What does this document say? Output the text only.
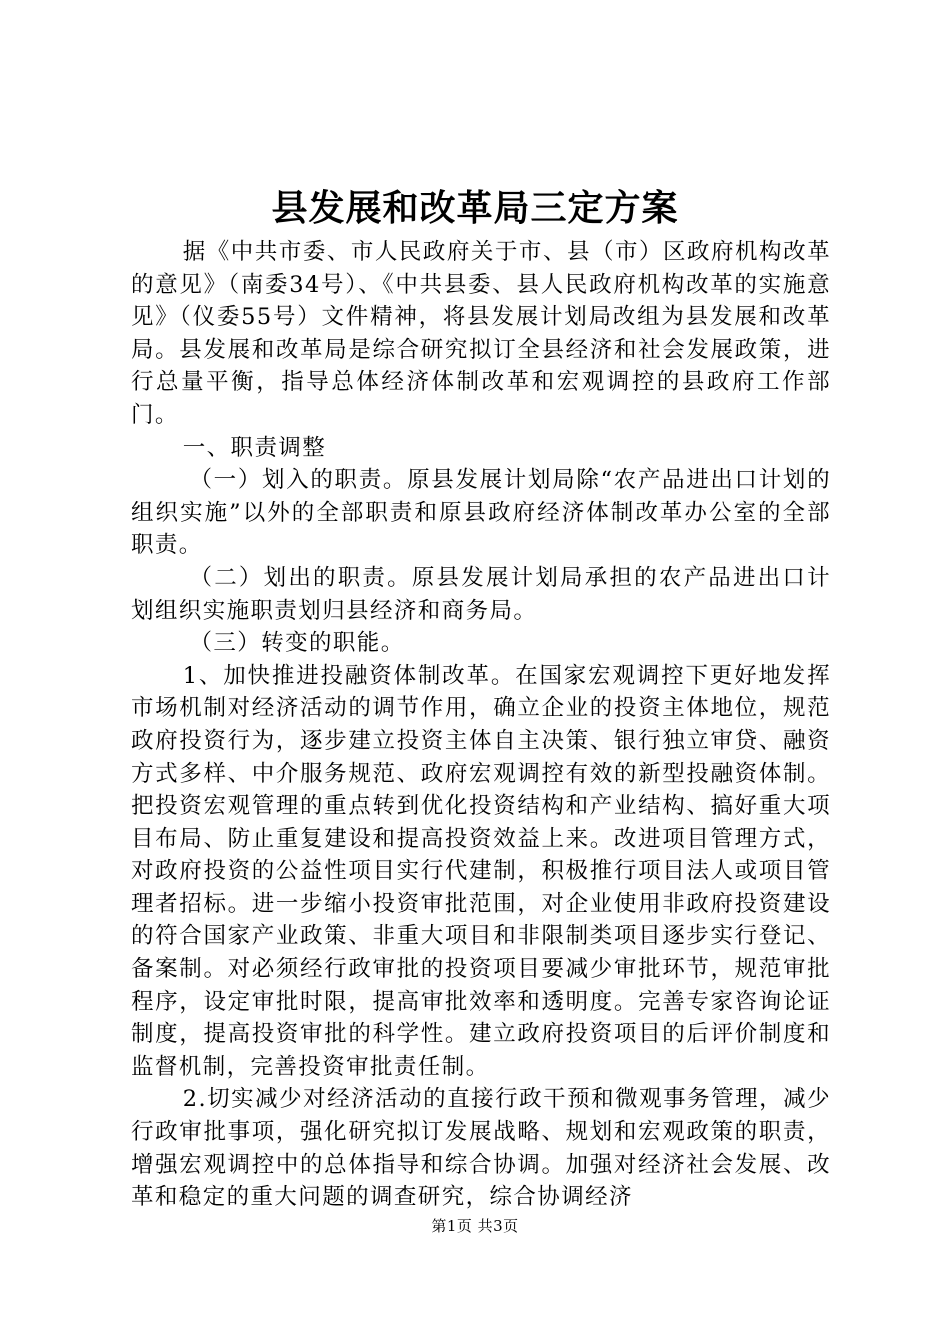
县发展和改革局三定方案

据《中共市委、市人民政府关于市、县（市）区政府机构改革的意见》（南委34号）、《中共县委、县人民政府机构改革的实施意见》（仪委55号）文件精神，将县发展计划局改组为县发展和改革局。县发展和改革局是综合研究拟订全县经济和社会发展政策，进行总量平衡，指导总体经济体制改革和宏观调控的县政府工作部门。

一、职责调整

（一）划入的职责。原县发展计划局除“农产品进出口计划的组织实施”以外的全部职责和原县政府经济体制改革办公室的全部职责。

（二）划出的职责。原县发展计划局承担的农产品进出口计划组织实施职责划归县经济和商务局。

（三）转变的职能。

1、加快推进投融资体制改革。在国家宏观调控下更好地发挥市场机制对经济活动的调节作用，确立企业的投资主体地位，规范政府投资行为，逐步建立投资主体自主决策、银行独立审贷、融资方式多样、中介服务规范、政府宏观调控有效的新型投融资体制。把投资宏观管理的重点转到优化投资结构和产业结构、搞好重大项目布局、防止重复建设和提高投资效益上来。改进项目管理方式，对政府投资的公益性项目实行代建制，积极推行项目法人或项目管理者招标。进一步缩小投资审批范围，对企业使用非政府投资建设的符合国家产业政策、非重大项目和非限制类项目逐步实行登记、备案制。对必须经行政审批的投资项目要减少审批环节，规范审批程序，设定审批时限，提高审批效率和透明度。完善专家咨询论证制度，提高投资审批的科学性。建立政府投资项目的后评价制度和监督机制，完善投资审批责任制。

2.切实减少对经济活动的直接行政干预和微观事务管理，减少行政审批事项，强化研究拟订发展战略、规划和宏观政策的职责，增强宏观调控中的总体指导和综合协调。加强对经济社会发展、改革和稳定的重大问题的调查研究，综合协调经济

第1页 共3页
